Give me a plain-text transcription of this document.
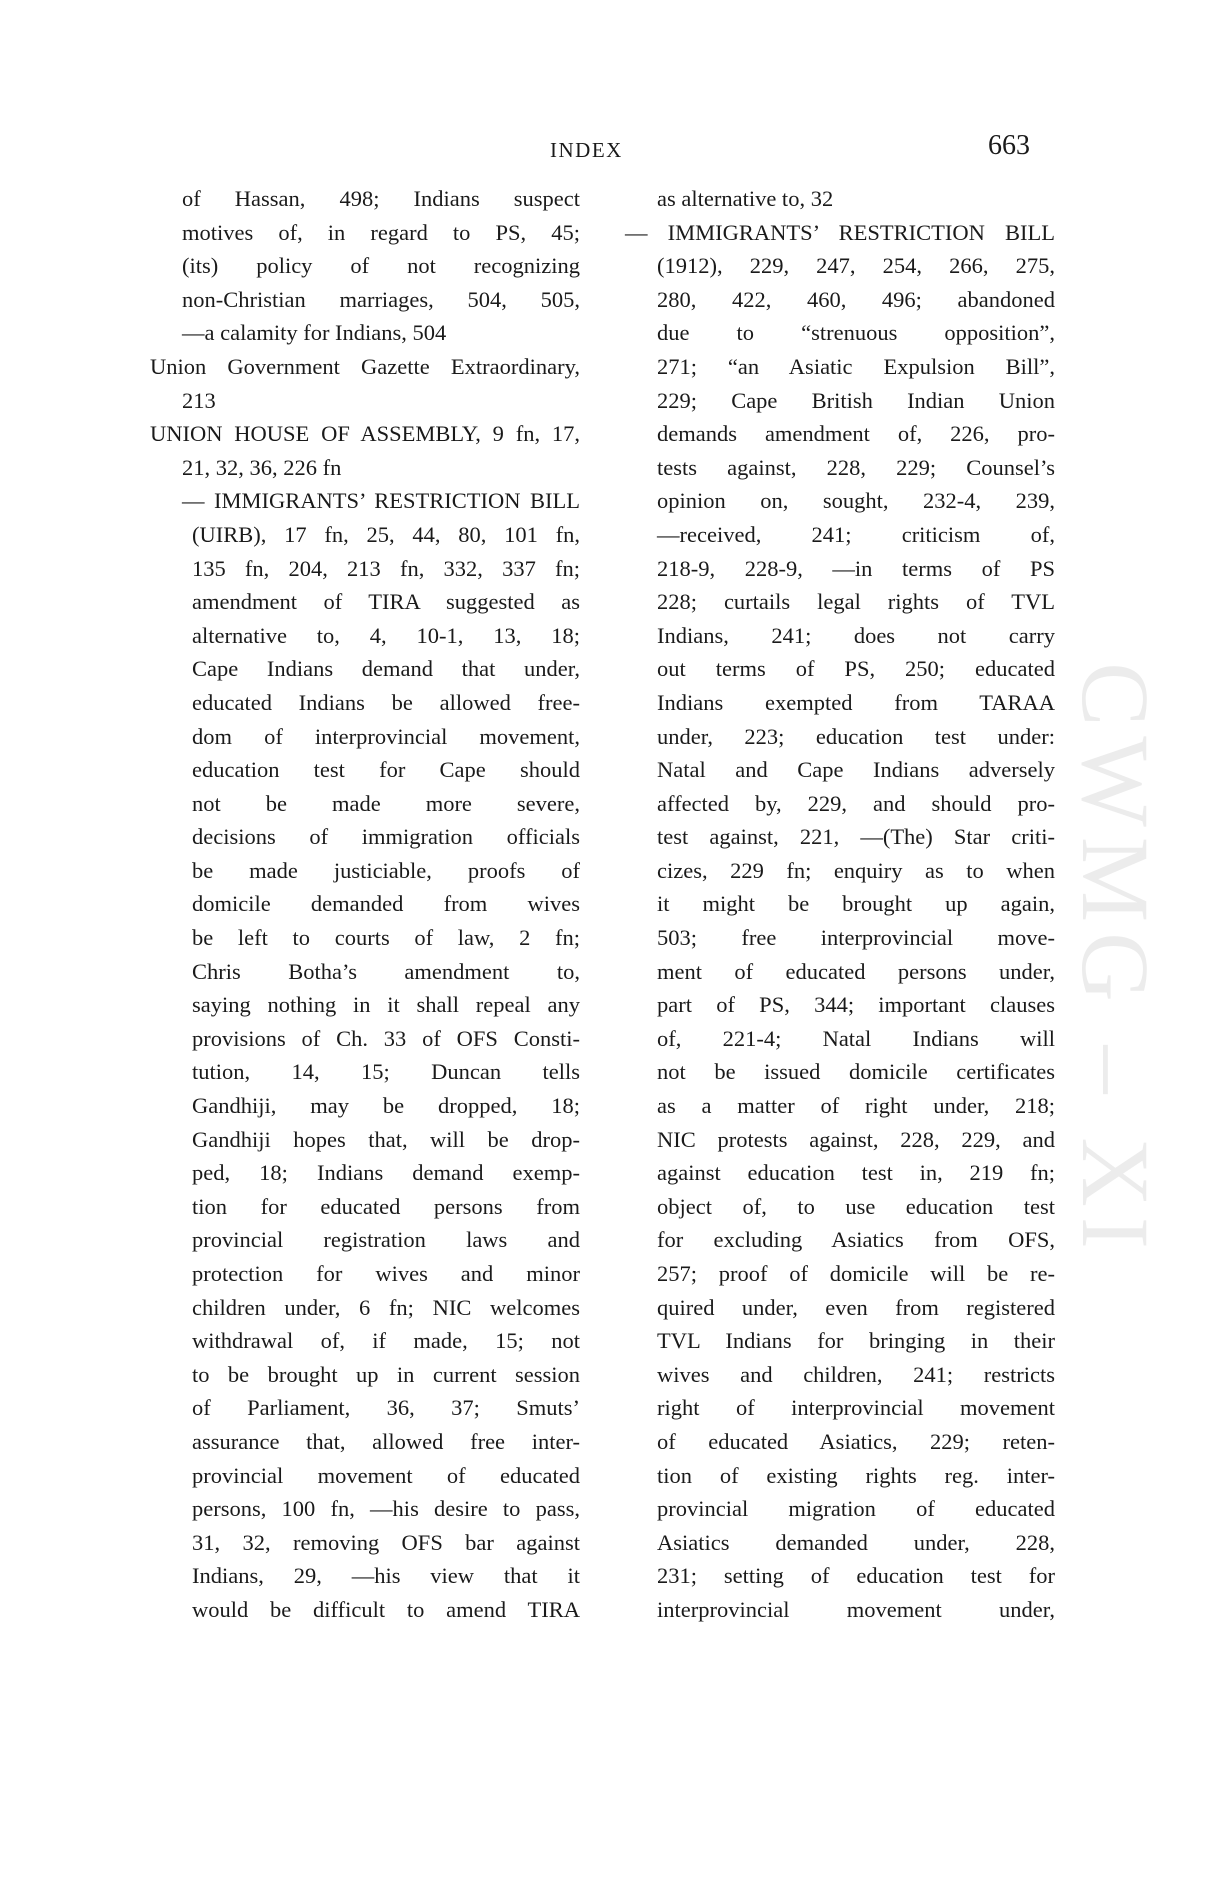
CWMG – XI
INDEX	663
of Hassan, 498; Indians suspect
motives of, in regard to PS, 45;
(its) policy of not recognizing
non-Christian marriages, 504, 505,
—a calamity for Indians, 504
Union Government Gazette Extraordinary,
213
UNION HOUSE OF ASSEMBLY, 9 fn, 17,
21, 32, 36, 226 fn
— IMMIGRANTS’ RESTRICTION BILL
(UIRB), 17 fn, 25, 44, 80, 101 fn,
135 fn, 204, 213 fn, 332, 337 fn;
amendment of TIRA suggested as
alternative to, 4, 10-1, 13, 18;
Cape Indians demand that under,
educated Indians be allowed free-
dom of interprovincial movement,
education test for Cape should
not be made more severe,
decisions of immigration officials
be made justiciable, proofs of
domicile demanded from wives
be left to courts of law, 2 fn;
Chris Botha’s amendment to,
saying nothing in it shall repeal any
provisions of Ch. 33 of OFS Consti-
tution, 14, 15; Duncan tells
Gandhiji, may be dropped, 18;
Gandhiji hopes that, will be drop-
ped, 18; Indians demand exemp-
tion for educated persons from
provincial registration laws and
protection for wives and minor
children under, 6 fn; NIC welcomes
withdrawal of, if made, 15; not
to be brought up in current session
of Parliament, 36, 37; Smuts’
assurance that, allowed free inter-
provincial movement of educated
persons, 100 fn, —his desire to pass,
31, 32, removing OFS bar against
Indians, 29, —his view that it
would be difficult to amend TIRA
as alternative to, 32
— IMMIGRANTS’ RESTRICTION BILL
(1912), 229, 247, 254, 266, 275,
280, 422, 460, 496; abandoned
due to “strenuous opposition”,
271; “an Asiatic Expulsion Bill”,
229; Cape British Indian Union
demands amendment of, 226, pro-
tests against, 228, 229; Counsel’s
opinion on, sought, 232-4, 239,
—received, 241; criticism of,
218-9, 228-9, —in terms of PS
228; curtails legal rights of TVL
Indians, 241; does not carry
out terms of PS, 250; educated
Indians exempted from TARAA
under, 223; education test under:
Natal and Cape Indians adversely
affected by, 229, and should pro-
test against, 221, —(The) Star criti-
cizes, 229 fn; enquiry as to when
it might be brought up again,
503; free interprovincial move-
ment of educated persons under,
part of PS, 344; important clauses
of, 221-4; Natal Indians will
not be issued domicile certificates
as a matter of right under, 218;
NIC protests against, 228, 229, and
against education test in, 219 fn;
object of, to use education test
for excluding Asiatics from OFS,
257; proof of domicile will be re-
quired under, even from registered
TVL Indians for bringing in their
wives and children, 241; restricts
right of interprovincial movement
of educated Asiatics, 229; reten-
tion of existing rights reg. inter-
provincial migration of educated
Asiatics demanded under, 228,
231; setting of education test for
interprovincial movement under,
